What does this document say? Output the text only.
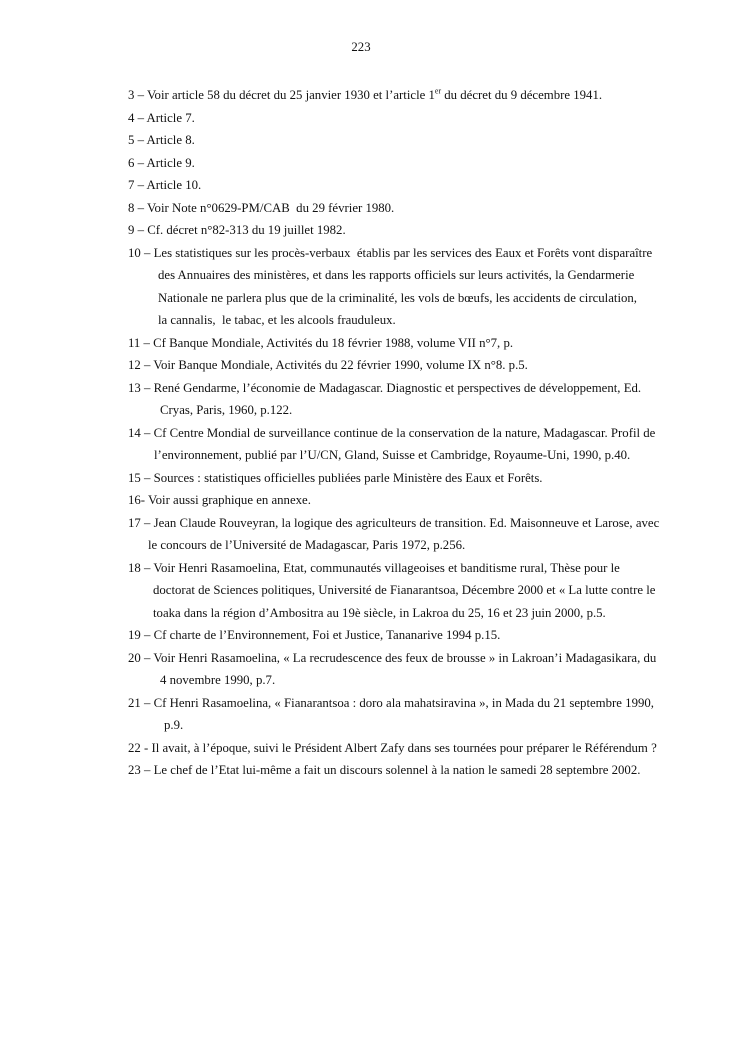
223
3 – Voir article 58 du décret du 25 janvier 1930 et l’article 1er du décret du 9 décembre 1941.
4 – Article 7.
5 – Article 8.
6 – Article 9.
7 – Article 10.
8 – Voir Note n°0629-PM/CAB  du 29 février 1980.
9 – Cf. décret n°82-313 du 19 juillet 1982.
10 – Les statistiques sur les procès-verbaux  établis par les services des Eaux et Forêts vont disparaître
des Annuaires des ministères, et dans les rapports officiels sur leurs activités, la Gendarmerie
Nationale ne parlera plus que de la criminalité, les vols de bœufs, les accidents de circulation,
la cannalis,  le tabac, et les alcools frauduleux.
11 – Cf Banque Mondiale, Activités du 18 février 1988, volume VII n°7, p.
12 – Voir Banque Mondiale, Activités du 22 février 1990, volume IX n°8. p.5.
13 – René Gendarme, l’économie de Madagascar. Diagnostic et perspectives de développement, Ed.
Cryas, Paris, 1960, p.122.
14 – Cf Centre Mondial de surveillance continue de la conservation de la nature, Madagascar. Profil de
l’environnement, publié par l’U/CN, Gland, Suisse et Cambridge, Royaume-Uni, 1990, p.40.
15 – Sources : statistiques officielles publiées parle Ministère des Eaux et Forêts.
16- Voir aussi graphique en annexe.
17 – Jean Claude Rouveyran, la logique des agriculteurs de transition. Ed. Maisonneuve et Larose, avec
le concours de l’Université de Madagascar, Paris 1972, p.256.
18 – Voir Henri Rasamoelina, Etat, communautés villageoises et banditisme rural, Thèse pour le
doctorat de Sciences politiques, Université de Fianarantsoa, Décembre 2000 et « La lutte contre le
toaka dans la région d’Ambositra au 19è siècle, in Lakroa du 25, 16 et 23 juin 2000, p.5.
19 – Cf charte de l’Environnement, Foi et Justice, Tananarive 1994 p.15.
20 – Voir Henri Rasamoelina, « La recrudescence des feux de brousse » in Lakroan’i Madagasikara, du
4 novembre 1990, p.7.
21 – Cf Henri Rasamoelina, « Fianarantsoa : doro ala mahatsiravina », in Mada du 21 septembre 1990,
p.9.
22 - Il avait, à l’époque, suivi le Président Albert Zafy dans ses tournées pour préparer le Référendum ?
23 – Le chef de l’Etat lui-même a fait un discours solennel à la nation le samedi 28 septembre 2002.
